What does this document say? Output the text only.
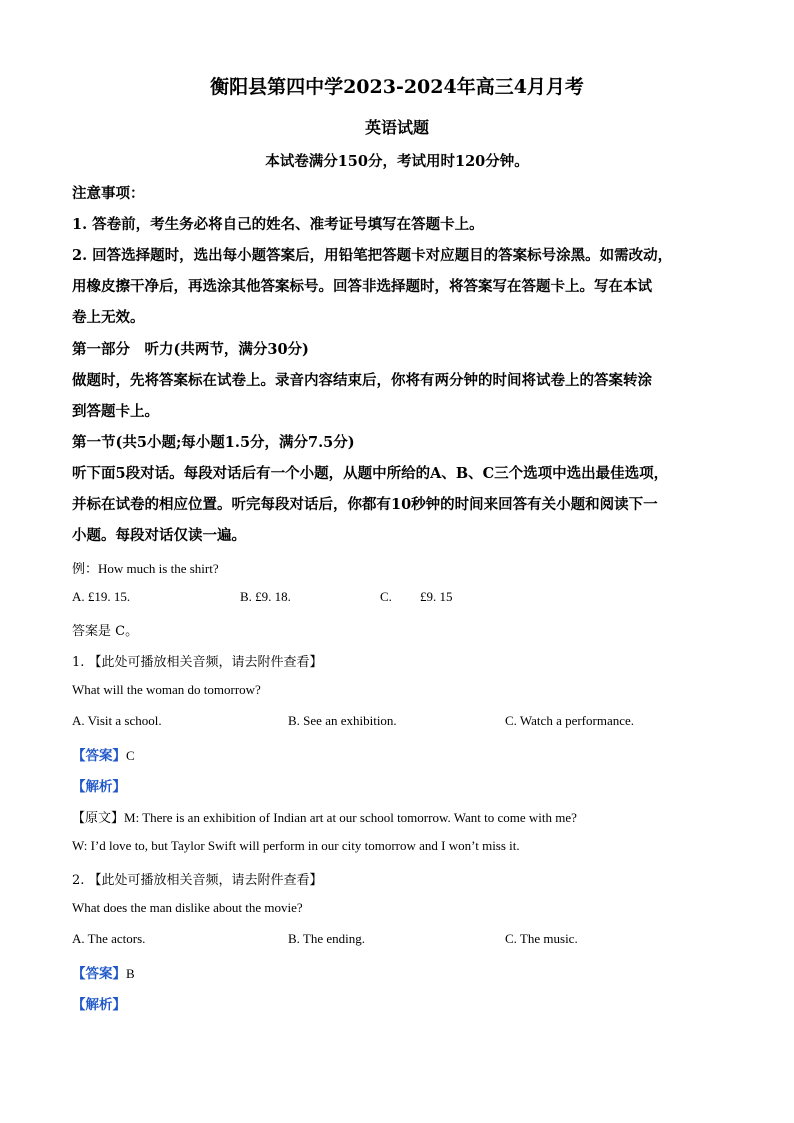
衡阳县第四中学2023-2024年高三4月月考
英语试题
本试卷满分150分，考试用时120分钟。
注意事项：
1. 答卷前，考生务必将自己的姓名、准考证号填写在答题卡上。
2. 回答选择题时，选出每小题答案后，用铅笔把答题卡对应题目的答案标号涂黑。如需改动，
用橡皮擦干净后，再选涂其他答案标号。回答非选择题时，将答案写在答题卡上。写在本试
卷上无效。
第一部分　听力(共两节，满分30分)
做题时，先将答案标在试卷上。录音内容结束后，你将有两分钟的时间将试卷上的答案转涂
到答题卡上。
第一节(共5小题;每小题1.5分，满分7.5分)
听下面5段对话。每段对话后有一个小题，从题中所给的A、B、C三个选项中选出最佳选项，
并标在试卷的相应位置。听完每段对话后，你都有10秒钟的时间来回答有关小题和阅读下一
小题。每段对话仅读一遍。
例：How much is the shirt?
A. £19. 15.	B. £9. 18.	C. £9. 15
答案是 C。
1. 【此处可播放相关音频，请去附件查看】
What will the woman do tomorrow?
A. Visit a school.	B. See an exhibition.	C. Watch a performance.
【答案】C
【解析】
【原文】M: There is an exhibition of Indian art at our school tomorrow. Want to come with me?
W: I’d love to, but Taylor Swift will perform in our city tomorrow and I won’t miss it.
2. 【此处可播放相关音频，请去附件查看】
What does the man dislike about the movie?
A. The actors.	B. The ending.	C. The music.
【答案】B
【解析】
